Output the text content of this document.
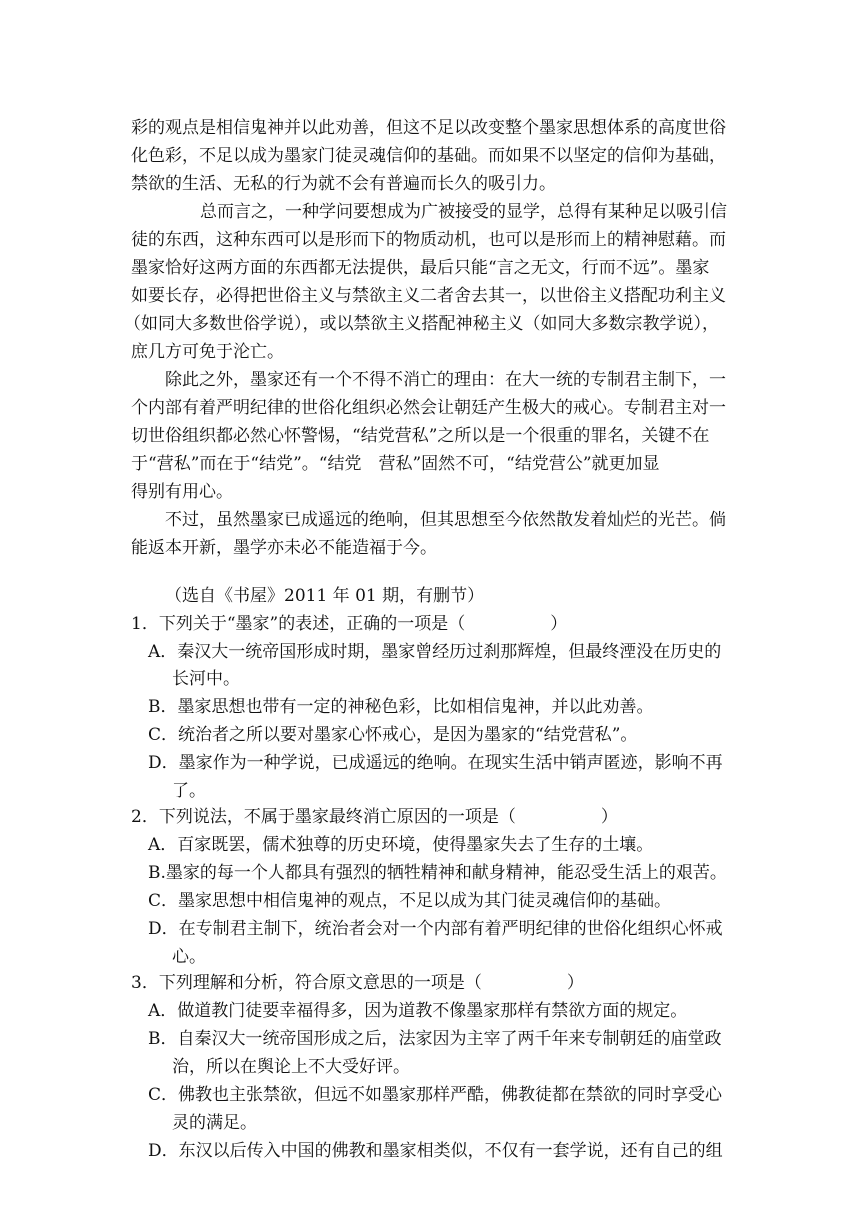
彩的观点是相信鬼神并以此劝善，但这不足以改变整个墨家思想体系的高度世俗
化色彩，不足以成为墨家门徒灵魂信仰的基础。而如果不以坚定的信仰为基础，
禁欲的生活、无私的行为就不会有普遍而长久的吸引力。
总而言之，一种学问要想成为广被接受的显学，总得有某种足以吸引信
徒的东西，这种东西可以是形而下的物质动机，也可以是形而上的精神慰藉。而
墨家恰好这两方面的东西都无法提供，最后只能“言之无文，行而不远”。墨家
如要长存，必得把世俗主义与禁欲主义二者舍去其一，以世俗主义搭配功利主义
（如同大多数世俗学说），或以禁欲主义搭配神秘主义（如同大多数宗教学说），
庶几方可免于沦亡。
除此之外，墨家还有一个不得不消亡的理由：在大一统的专制君主制下，一
个内部有着严明纪律的世俗化组织必然会让朝廷产生极大的戒心。专制君主对一
切世俗组织都必然心怀警惕，“结党营私”之所以是一个很重的罪名，关键不在
于“营私”而在于“结党”。“结党　营私”固然不可，“结党营公”就更加显
得别有用心。
不过，虽然墨家已成遥远的绝响，但其思想至今依然散发着灿烂的光芒。倘
能返本开新，墨学亦未必不能造福于今。
（选自《书屋》2011 年 01 期，有删节）
1．下列关于“墨家”的表述，正确的一项是（　　　　　）
A．秦汉大一统帝国形成时期，墨家曾经历过刹那辉煌，但最终湮没在历史的
长河中。
B．墨家思想也带有一定的神秘色彩，比如相信鬼神，并以此劝善。
C．统治者之所以要对墨家心怀戒心，是因为墨家的“结党营私”。
D．墨家作为一种学说，已成遥远的绝响。在现实生活中销声匿迹，影响不再
了。
2．下列说法，不属于墨家最终消亡原因的一项是（　　　　　）
A．百家既罢，儒术独尊的历史环境，使得墨家失去了生存的土壤。
B.墨家的每一个人都具有强烈的牺牲精神和献身精神，能忍受生活上的艰苦。
C．墨家思想中相信鬼神的观点，不足以成为其门徒灵魂信仰的基础。
D．在专制君主制下，统治者会对一个内部有着严明纪律的世俗化组织心怀戒
心。
3．下列理解和分析，符合原文意思的一项是（　　　　　）
A．做道教门徒要幸福得多，因为道教不像墨家那样有禁欲方面的规定。
B．自秦汉大一统帝国形成之后，法家因为主宰了两千年来专制朝廷的庙堂政
治，所以在舆论上不大受好评。
C．佛教也主张禁欲，但远不如墨家那样严酷，佛教徒都在禁欲的同时享受心
灵的满足。
D．东汉以后传入中国的佛教和墨家相类似，不仅有一套学说，还有自己的组
